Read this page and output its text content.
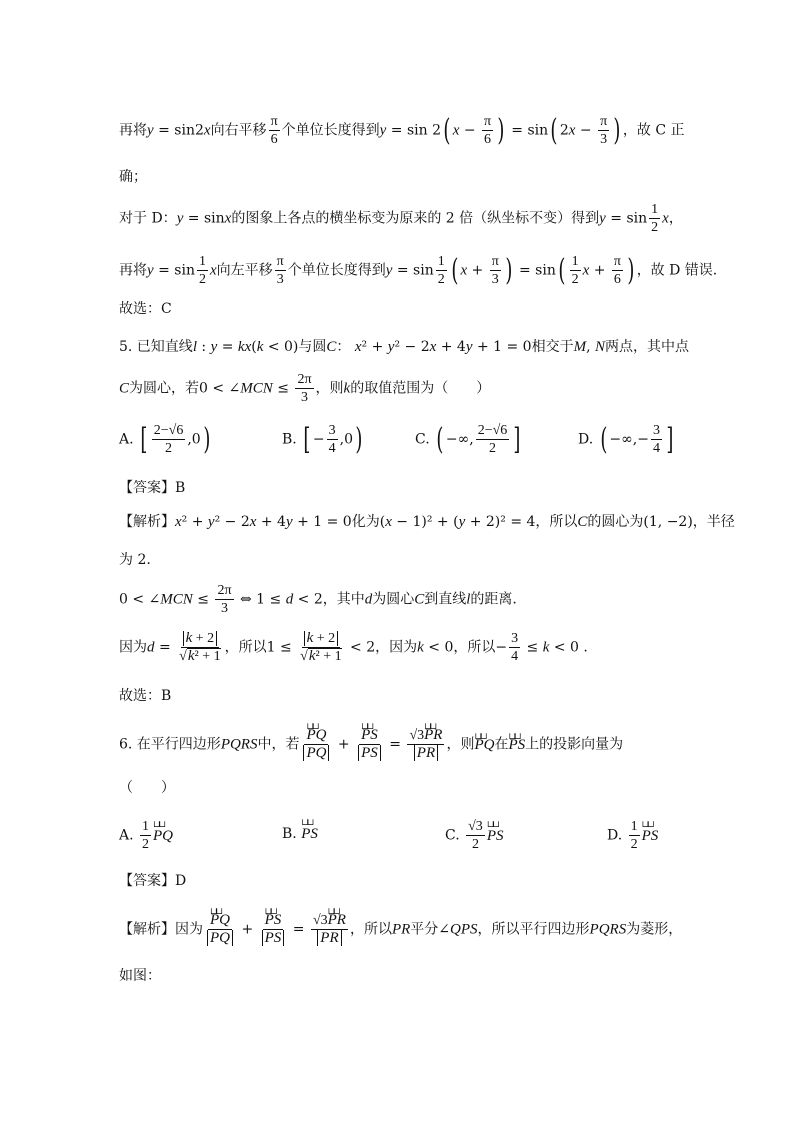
再将y = sin2x向右平移 $\frac{\pi}{6}$ 个单位长度得到y = sin 2( $x - \frac{\pi}{6}$ ) = sin( $2x - \frac{\pi}{3}$ ) ，故 C 正
确；
对于 D：y = sinx的图象上各点的横坐标变为原来的 2 倍（纵坐标不变）得到$y = \sin \frac{1}{2}$ x，
再将$y = \sin \frac{1}{2}$ x向左平移 $\frac{\pi}{3}$ 个单位长度得到$y = \sin \frac{1}{2}$ ( $x + \frac{\pi}{3}$ ) = $\sin( \frac{1}{2}$ $x + \frac{\pi}{6}$ ) ，故 D 错误.
故选：C
5. 已知直线l : y = kx(k < 0)与圆C： x² + y² − 2x + 4y + 1 = 0相交于M, N两点，其中点
C为圆心，若0 < ∠MCN ≤ $\frac{2\pi}{3}$ ，则k的取值范围为（　　）
A. [ $\frac{2-√6}{2} ,0$)	B. [ − $\frac{3}{4} ,0$)	C. ( −∞, $\frac{2-√6}{2}$ ]	D. ( −∞,− $\frac{3}{4}$ ]
【答案】B
【解析】x² + y² − 2x + 4y + 1 = 0化为(x − 1)² + (y + 2)² = 4，所以C的圆心为(1, −2)，半径
为 2.
0 < ∠MCN ≤ $\frac{2\pi}{3}$ ⇔ 1 ≤ d < 2，其中d为圆心C到直线l的距离.
因为$d = \frac{k + 2}{\text{√k² + 1}}$ ，所以$1 \le \frac{k + 2}{\text{√k² + 1}} < 2$，因为k < 0，所以− $\frac{3}{4} \le k < 0$ .
故选：B
6. 在平行四边形PQRS中，若 ⊔⊔ $\frac{PQ}{PQ}$ + ⊔⊔ $\frac{PS}{PS} = \frac{√3⊔⊔ PR}{PR}$ ，则⊔⊔ PQ在⊔⊔ PS上的投影向量为
（　　）
A. $\frac{1}{2}$ ⊔⊔ PQ	B. ⊔⊔ PS	C. $\frac{√3}{2}$ ⊔⊔ PS	D. $\frac{1}{2}$ ⊔⊔ PS
【答案】D
【解析】因为 ⊔⊔ $\frac{PQ}{PQ}$ + ⊔⊔ $\frac{PS}{PS} = \frac{√3⊔⊔ PR}{PR}$ ，所以PR平分∠QPS，所以平行四边形PQRS为菱形，
如图：
